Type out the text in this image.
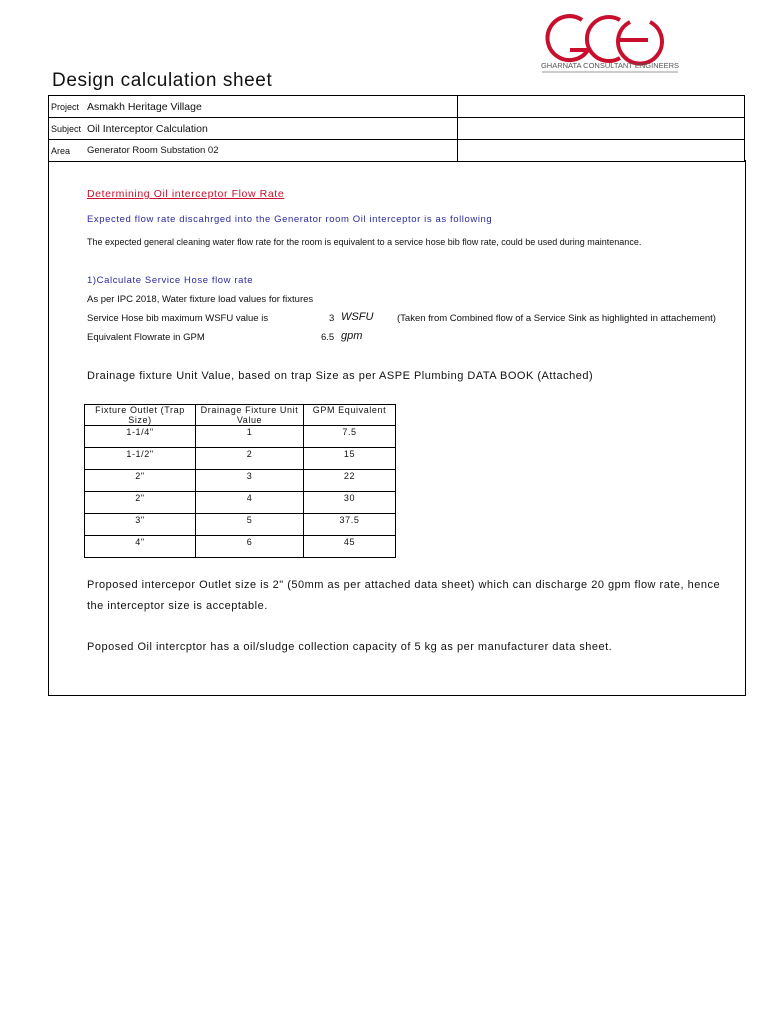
GHARNATA CONSULTANT ENGINEERS
Design calculation sheet
Project	Asmakh Heritage Village	
Subject	Oil Interceptor Calculation	
Area	Generator Room Substation 02	
Determining Oil interceptor Flow Rate
Expected flow rate discahrged into the Generator room Oil interceptor is as following
The expected general cleaning water flow rate for the room is equivalent to a service hose bib flow rate, could be used during maintenance.
1)Calculate Service Hose flow rate
As per IPC 2018, Water fixture load values for fixtures
Service Hose bib maximum WSFU value is	3 WSFU (Taken from Combined flow of a Service Sink as highlighted in attachement)
Equivalent Flowrate in GPM	6.5 gpm
Drainage fixture Unit Value, based on trap Size as per ASPE Plumbing DATA BOOK (Attached)
Fixture Outlet (Trap Size)	Drainage Fixture Unit Value	GPM Equivalent
1-1/4"	1	7.5
1-1/2"	2	15
2"	3	22
2"	4	30
3"	5	37.5
4"	6	45
Proposed intercepor Outlet size is 2" (50mm as per attached data sheet) which can discharge 20 gpm flow rate, hence
the interceptor size is acceptable.
Poposed Oil intercptor has a oil/sludge collection capacity of 5 kg as per manufacturer data sheet.
